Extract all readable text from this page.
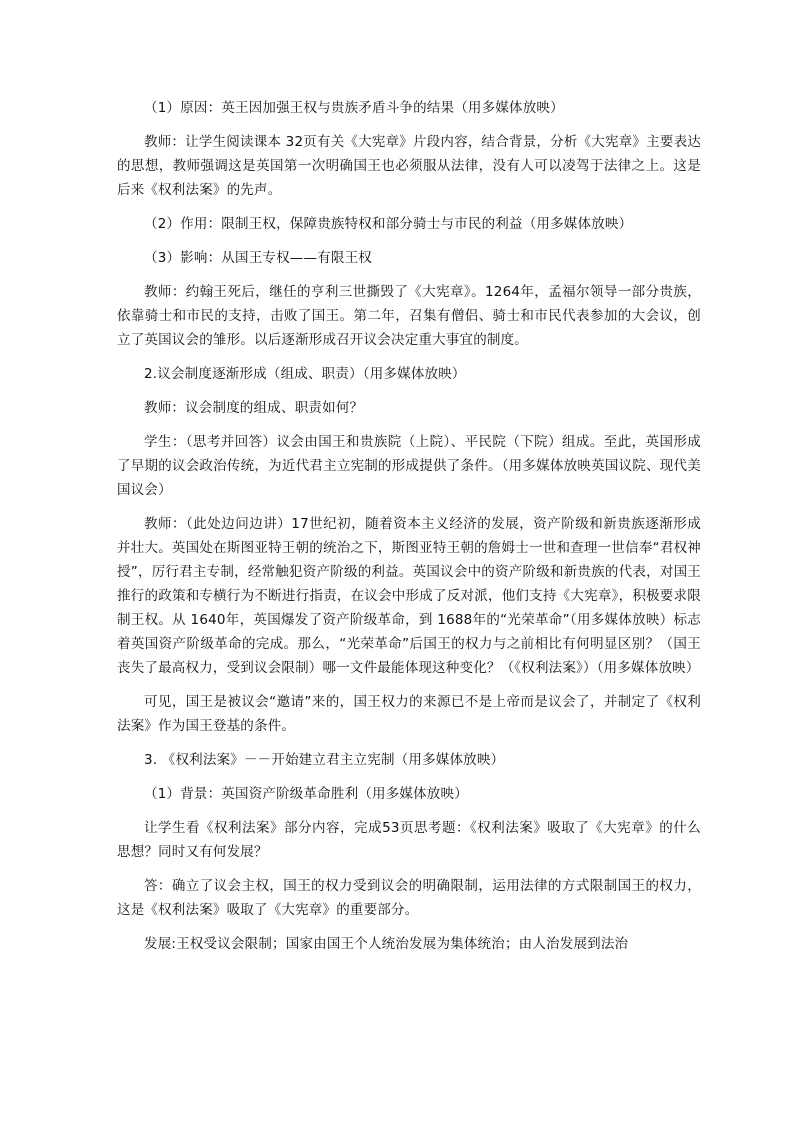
（1）原因：英王因加强王权与贵族矛盾斗争的结果（用多媒体放映）

教师：让学生阅读课本 32页有关《大宪章》片段内容，结合背景，分析《大宪章》主要表达的思想，教师强调这是英国第一次明确国王也必须服从法律，没有人可以凌驾于法律之上。这是后来《权利法案》的先声。

（2）作用：限制王权，保障贵族特权和部分骑士与市民的利益（用多媒体放映）

（3）影响：从国王专权——有限王权

教师：约翰王死后，继任的亨利三世撕毁了《大宪章》。1264年，孟福尔领导一部分贵族，依靠骑士和市民的支持，击败了国王。第二年，召集有僧侣、骑士和市民代表参加的大会议，创立了英国议会的雏形。以后逐渐形成召开议会决定重大事宜的制度。

2.议会制度逐渐形成（组成、职责）（用多媒体放映）

教师：议会制度的组成、职责如何？

学生：（思考并回答）议会由国王和贵族院（上院）、平民院（下院）组成。至此，英国形成了早期的议会政治传统，为近代君主立宪制的形成提供了条件。（用多媒体放映英国议院、现代美国议会）

教师：（此处边问边讲）17世纪初，随着资本主义经济的发展，资产阶级和新贵族逐渐形成并壮大。英国处在斯图亚特王朝的统治之下，斯图亚特王朝的詹姆士一世和查理一世信奉“君权神授”，厉行君主专制，经常触犯资产阶级的利益。英国议会中的资产阶级和新贵族的代表，对国王推行的政策和专横行为不断进行指责，在议会中形成了反对派，他们支持《大宪章》，积极要求限制王权。从 1640年，英国爆发了资产阶级革命，到 1688年的“光荣革命”（用多媒体放映）标志着英国资产阶级革命的完成。那么，“光荣革命”后国王的权力与之前相比有何明显区别？（国王丧失了最高权力，受到议会限制）哪一文件最能体现这种变化？（《权利法案》）（用多媒体放映）

可见，国王是被议会“邀请”来的，国王权力的来源已不是上帝而是议会了，并制定了《权利法案》作为国王登基的条件。

3. 《权利法案》－－开始建立君主立宪制（用多媒体放映）

（1）背景：英国资产阶级革命胜利（用多媒体放映）

让学生看《权利法案》部分内容，完成53页思考题：《权利法案》吸取了《大宪章》的什么思想？同时又有何发展？

答：确立了议会主权，国王的权力受到议会的明确限制，运用法律的方式限制国王的权力，这是《权利法案》吸取了《大宪章》的重要部分。

发展:王权受议会限制；国家由国王个人统治发展为集体统治；由人治发展到法治
